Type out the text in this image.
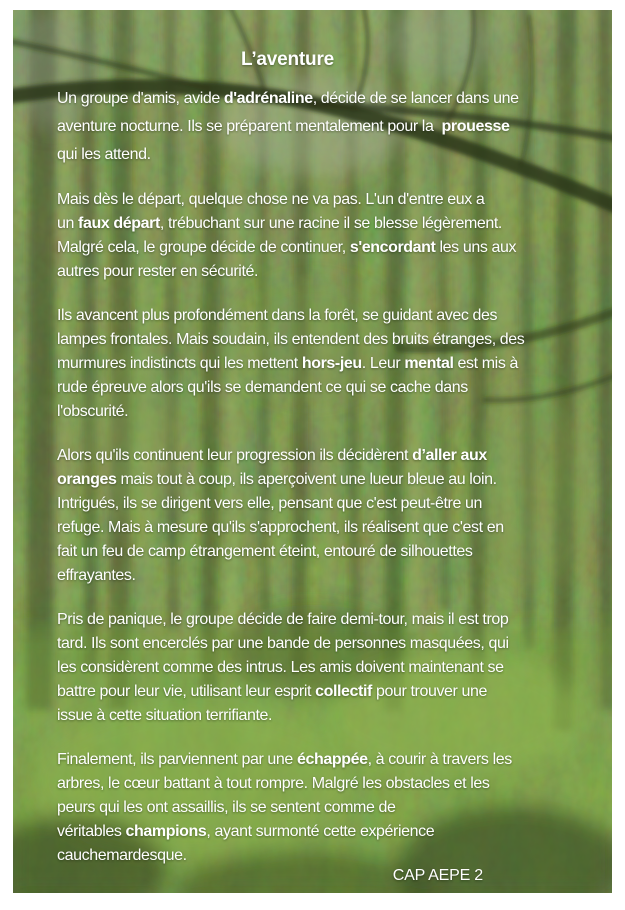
L’aventure

Un groupe d'amis, avide d'adrénaline, décide de se lancer dans une
aventure nocturne. Ils se préparent mentalement pour la  prouesse
qui les attend.

Mais dès le départ, quelque chose ne va pas. L'un d'entre eux a
un faux départ, trébuchant sur une racine il se blesse légèrement.
Malgré cela, le groupe décide de continuer, s'encordant les uns aux
autres pour rester en sécurité.

Ils avancent plus profondément dans la forêt, se guidant avec des
lampes frontales. Mais soudain, ils entendent des bruits étranges, des
murmures indistincts qui les mettent hors-jeu. Leur mental est mis à
rude épreuve alors qu'ils se demandent ce qui se cache dans
l'obscurité.

Alors qu'ils continuent leur progression ils décidèrent d’aller aux
oranges mais tout à coup, ils aperçoivent une lueur bleue au loin.
Intrigués, ils se dirigent vers elle, pensant que c'est peut-être un
refuge. Mais à mesure qu'ils s'approchent, ils réalisent que c'est en
fait un feu de camp étrangement éteint, entouré de silhouettes
effrayantes.

Pris de panique, le groupe décide de faire demi-tour, mais il est trop
tard. Ils sont encerclés par une bande de personnes masquées, qui
les considèrent comme des intrus. Les amis doivent maintenant se
battre pour leur vie, utilisant leur esprit collectif pour trouver une
issue à cette situation terrifiante.

Finalement, ils parviennent par une échappée, à courir à travers les
arbres, le cœur battant à tout rompre. Malgré les obstacles et les
peurs qui les ont assaillis, ils se sentent comme de
véritables champions, ayant surmonté cette expérience
cauchemardesque.

CAP AEPE 2
